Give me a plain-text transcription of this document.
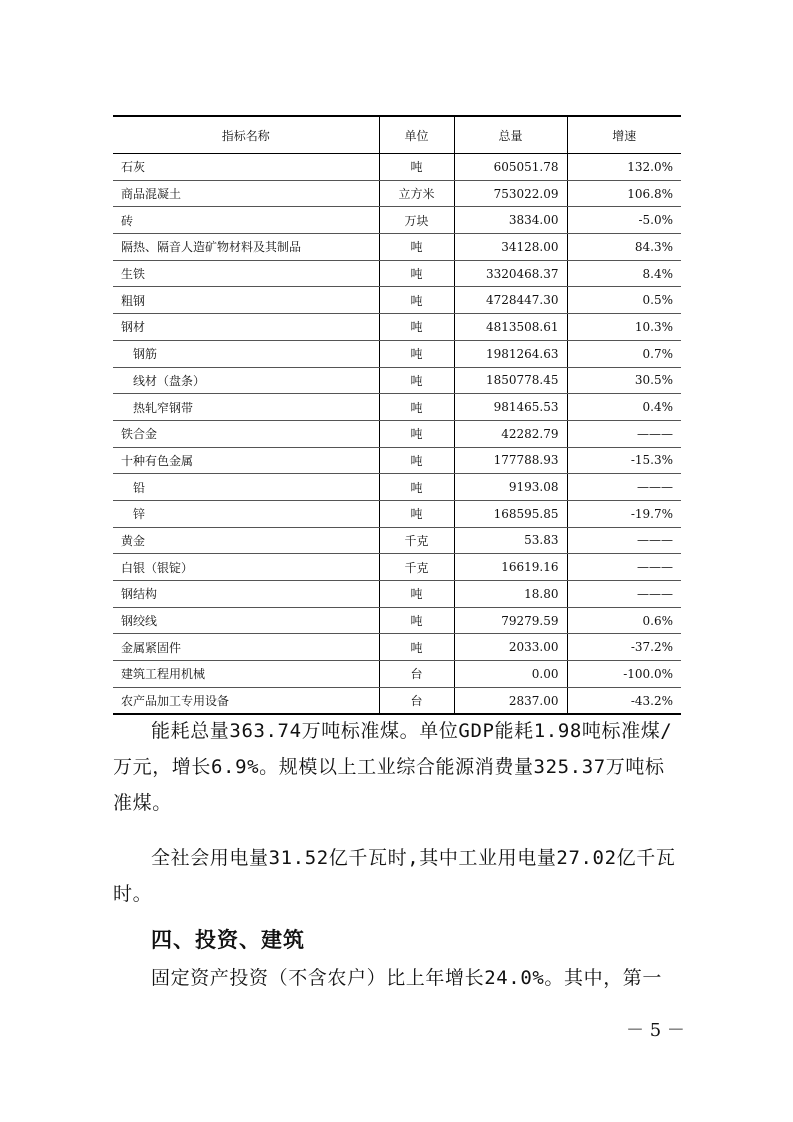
指标名称	单位	总量	增速
石灰	吨	605051.78	132.0%
商品混凝土	立方米	753022.09	106.8%
砖	万块	3834.00	-5.0%
隔热、隔音人造矿物材料及其制品	吨	34128.00	84.3%
生铁	吨	3320468.37	8.4%
粗钢	吨	4728447.30	0.5%
钢材	吨	4813508.61	10.3%
钢筋	吨	1981264.63	0.7%
线材（盘条）	吨	1850778.45	30.5%
热轧窄钢带	吨	981465.53	0.4%
铁合金	吨	42282.79	———
十种有色金属	吨	177788.93	-15.3%
铅	吨	9193.08	———
锌	吨	168595.85	-19.7%
黄金	千克	53.83	———
白银（银锭）	千克	16619.16	———
钢结构	吨	18.80	———
钢绞线	吨	79279.59	0.6%
金属紧固件	吨	2033.00	-37.2%
建筑工程用机械	台	0.00	-100.0%
农产品加工专用设备	台	2837.00	-43.2%

能耗总量363.74万吨标准煤。单位GDP能耗1.98吨标准煤/万元，增长6.9%。规模以上工业综合能源消费量325.37万吨标准煤。

全社会用电量31.52亿千瓦时,其中工业用电量27.02亿千瓦时。

四、投资、建筑

固定资产投资（不含农户）比上年增长24.0%。其中，第一

－ 5 －
